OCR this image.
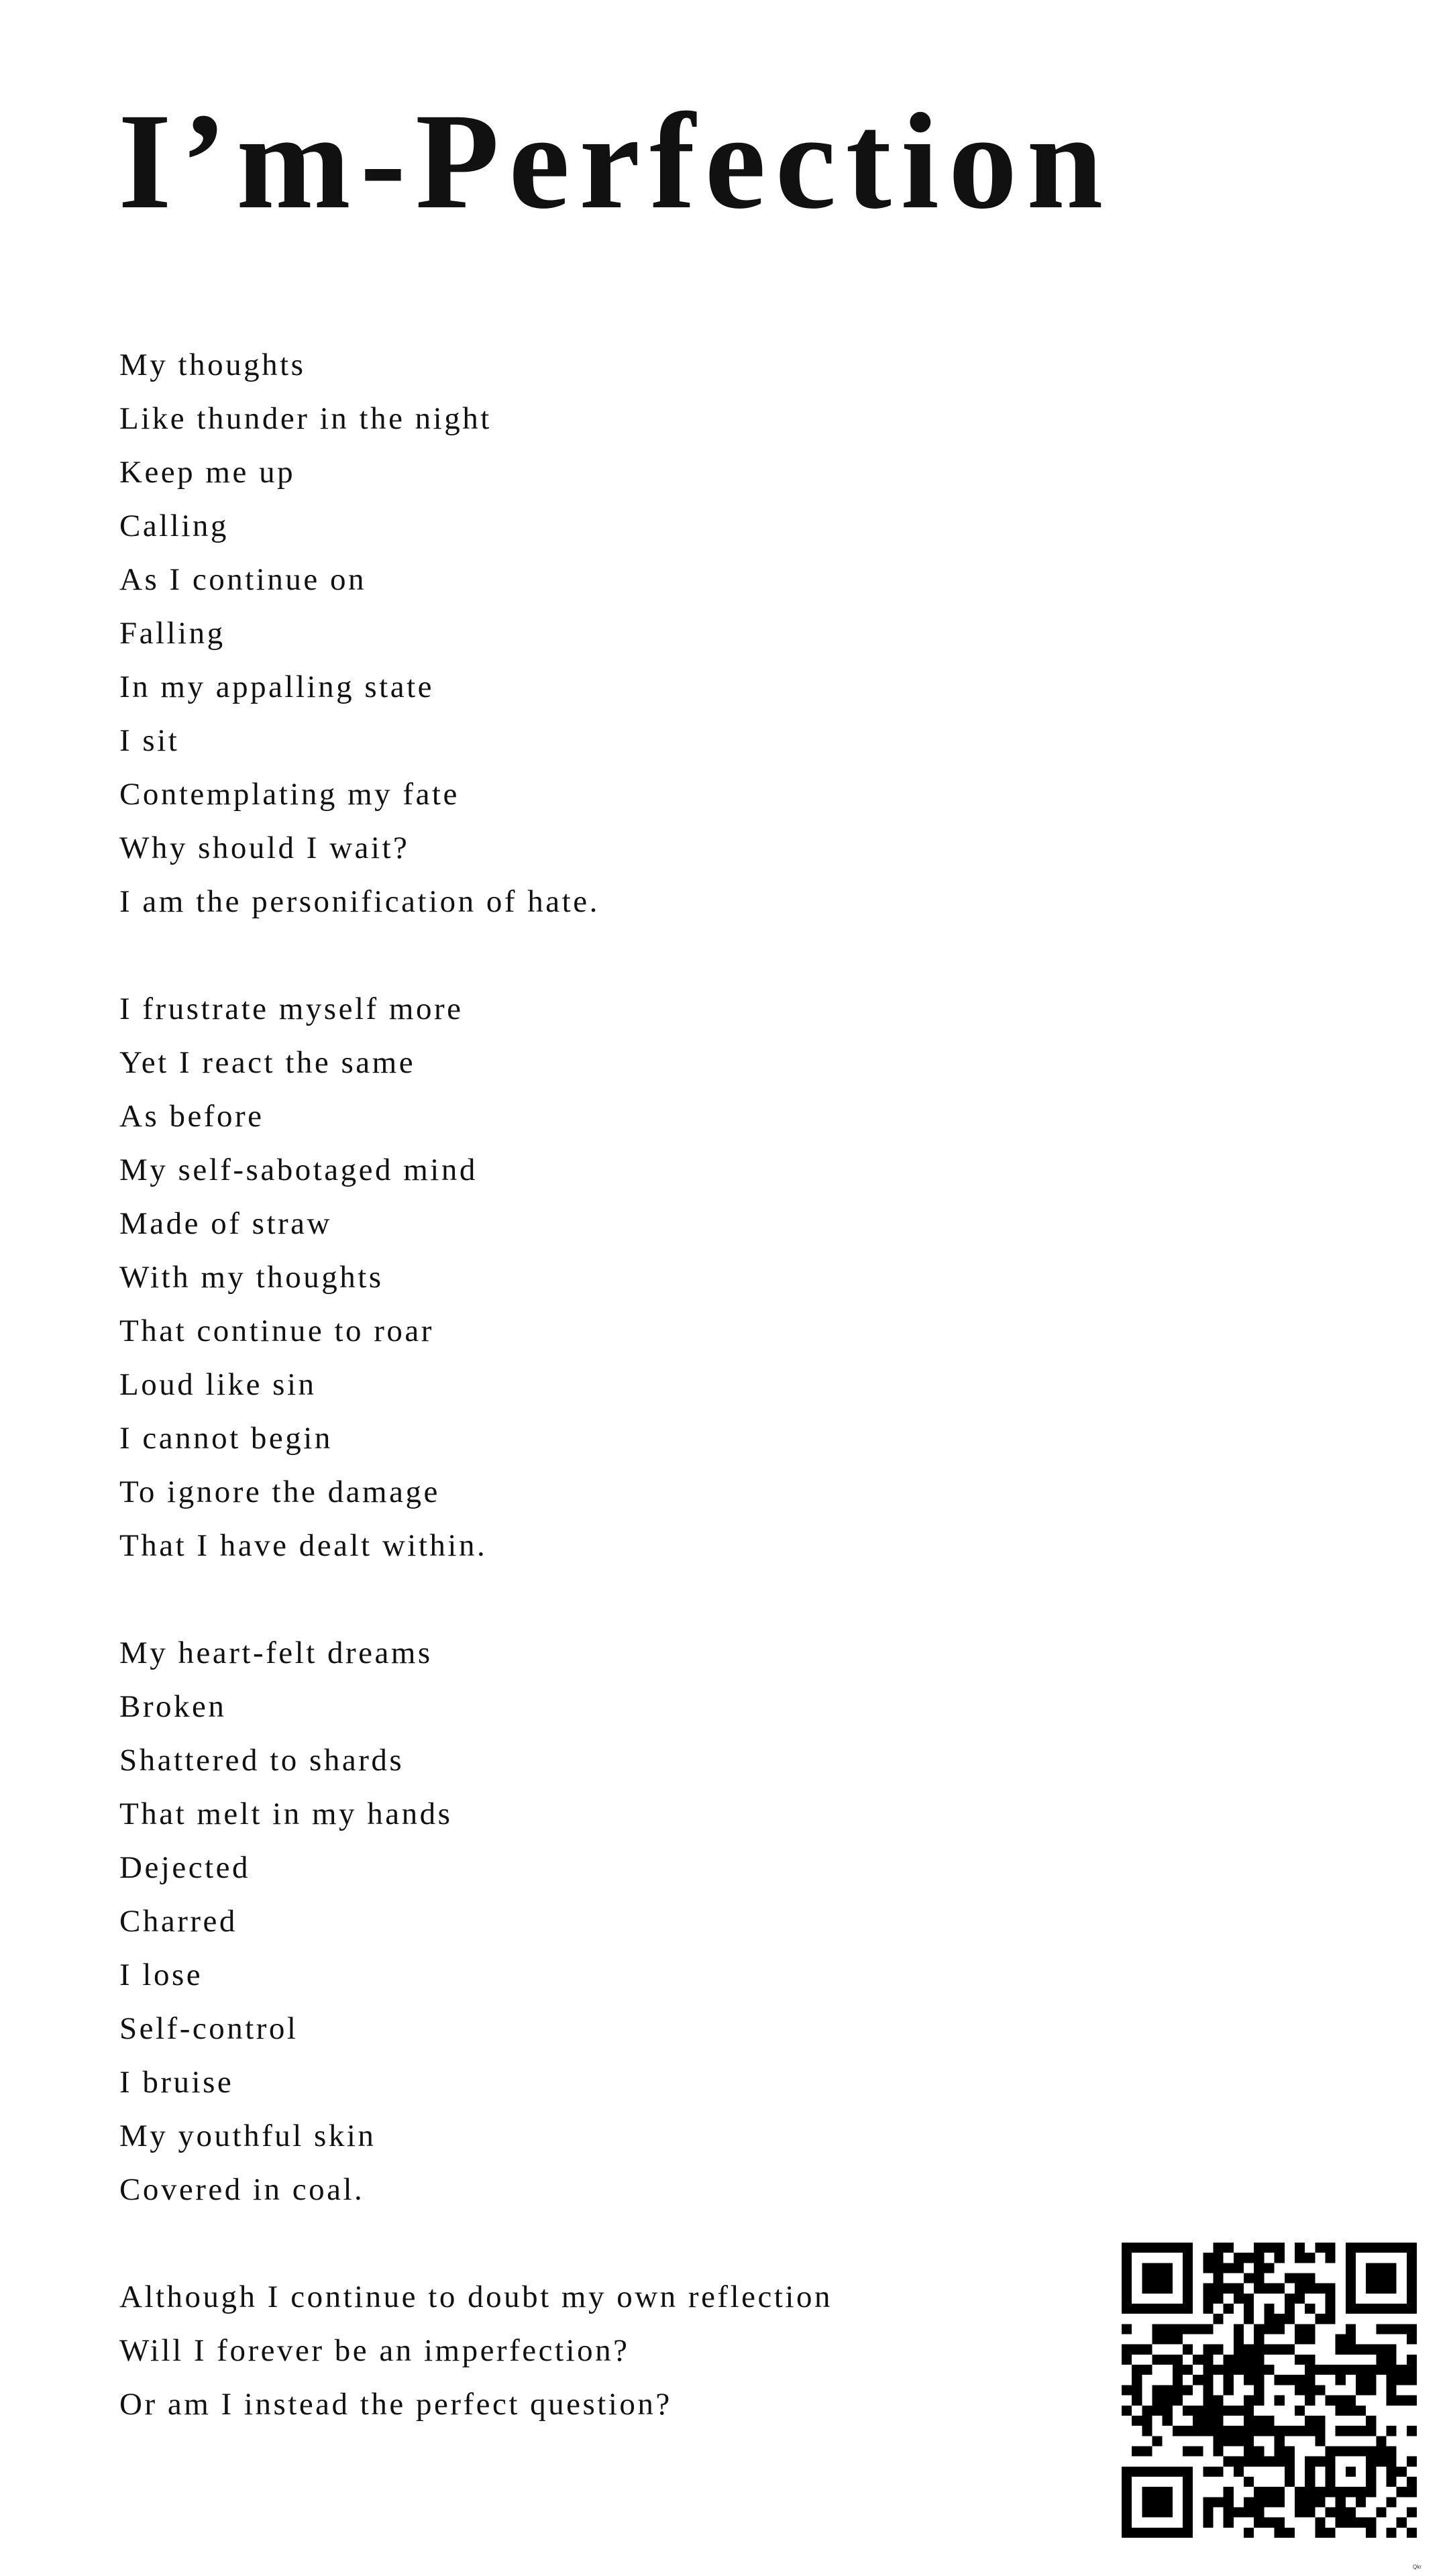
I’m-Perfection
My thoughts
Like thunder in the night
Keep me up
Calling
As I continue on
Falling
In my appalling state
I sit
Contemplating my fate
Why should I wait?
I am the personification of hate.
I frustrate myself more
Yet I react the same
As before
My self-sabotaged mind
Made of straw
With my thoughts
That continue to roar
Loud like sin
I cannot begin
To ignore the damage
That I have dealt within.
My heart-felt dreams
Broken
Shattered to shards
That melt in my hands
Dejected
Charred
I lose
Self-control
I bruise
My youthful skin
Covered in coal.
Although I continue to doubt my own reflection
Will I forever be an imperfection?
Or am I instead the perfect question?
Qkr
